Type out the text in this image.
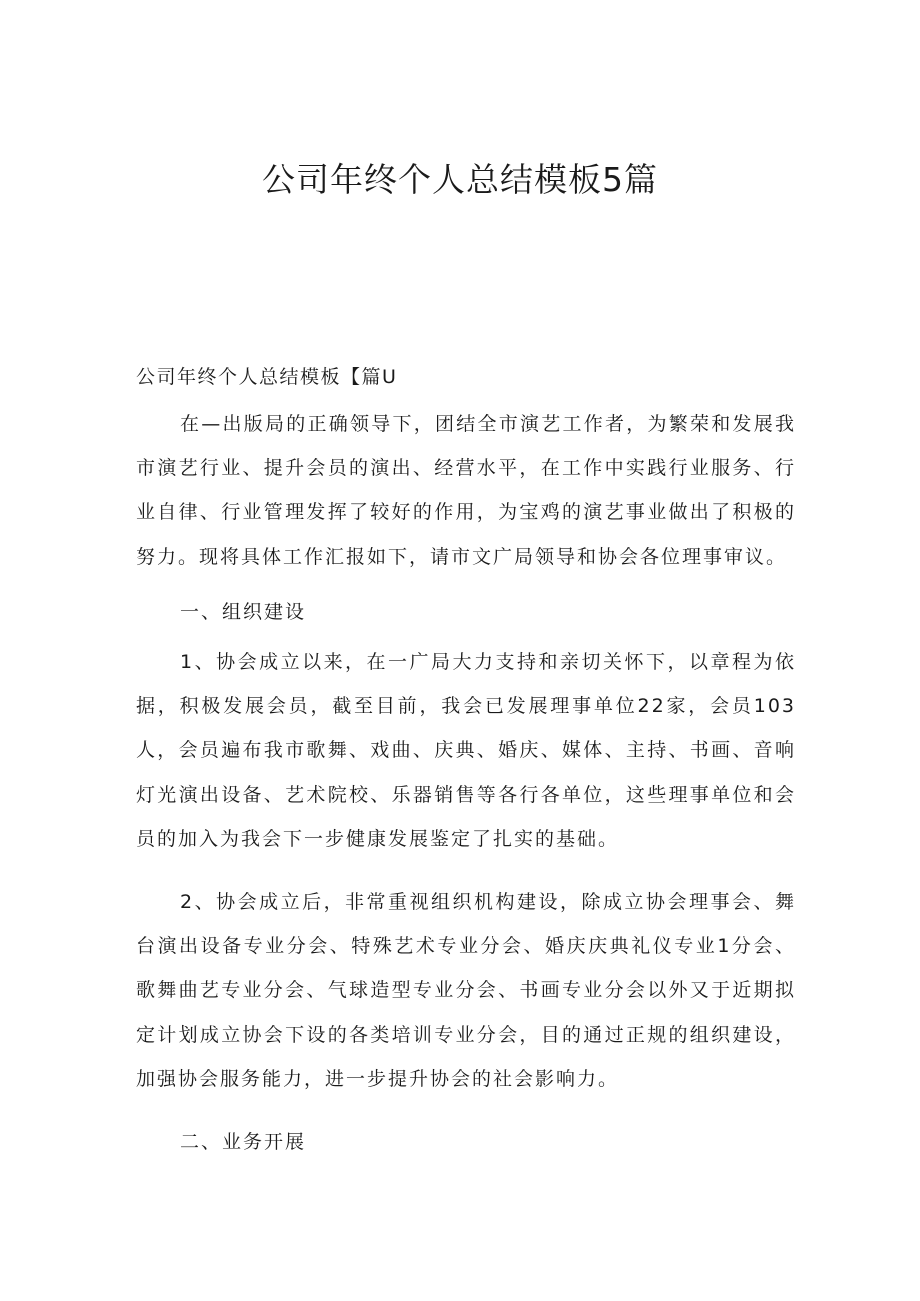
公司年终个人总结模板5篇

公司年终个人总结模板【篇U

在—出版局的正确领导下，团结全市演艺工作者，为繁荣和发展我市演艺行业、提升会员的演出、经营水平，在工作中实践行业服务、行业自律、行业管理发挥了较好的作用，为宝鸡的演艺事业做出了积极的努力。现将具体工作汇报如下，请市文广局领导和协会各位理事审议。

一、组织建设

1、协会成立以来，在一广局大力支持和亲切关怀下，以章程为依据，积极发展会员，截至目前，我会已发展理事单位22家，会员103人，会员遍布我市歌舞、戏曲、庆典、婚庆、媒体、主持、书画、音响灯光演出设备、艺术院校、乐器销售等各行各单位，这些理事单位和会员的加入为我会下一步健康发展鉴定了扎实的基础。

2、协会成立后，非常重视组织机构建设，除成立协会理事会、舞台演出设备专业分会、特殊艺术专业分会、婚庆庆典礼仪专业1分会、歌舞曲艺专业分会、气球造型专业分会、书画专业分会以外又于近期拟定计划成立协会下设的各类培训专业分会，目的通过正规的组织建设，加强协会服务能力，进一步提升协会的社会影响力。

二、业务开展
